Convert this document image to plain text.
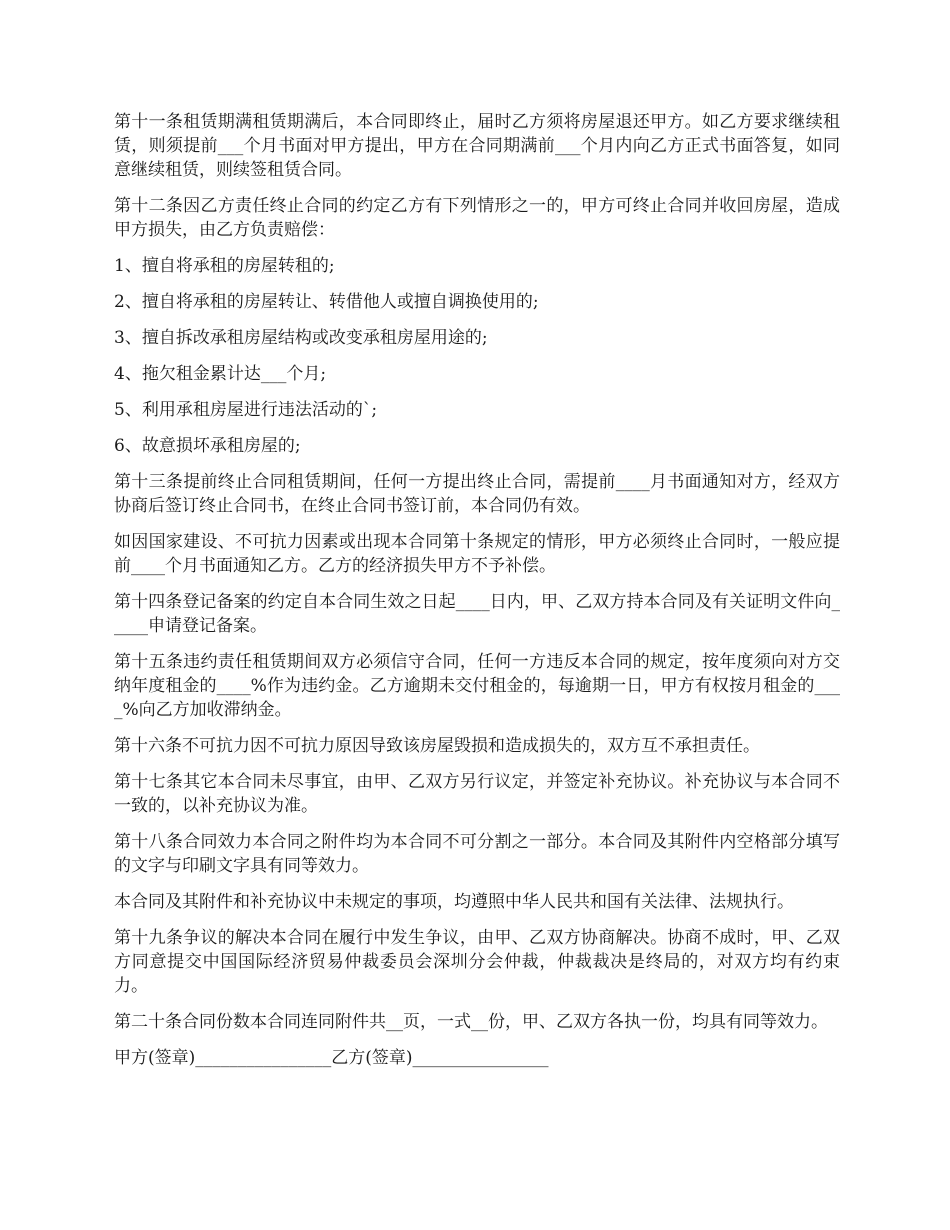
第十一条租赁期满租赁期满后，本合同即终止，届时乙方须将房屋退还甲方。如乙方要求继续租赁，则须提前___个月书面对甲方提出，甲方在合同期满前___个月内向乙方正式书面答复，如同意继续租赁，则续签租赁合同。

第十二条因乙方责任终止合同的约定乙方有下列情形之一的，甲方可终止合同并收回房屋，造成甲方损失，由乙方负责赔偿：

1、擅自将承租的房屋转租的;

2、擅自将承租的房屋转让、转借他人或擅自调换使用的;

3、擅自拆改承租房屋结构或改变承租房屋用途的;

4、拖欠租金累计达___个月;

5、利用承租房屋进行违法活动的`;

6、故意损坏承租房屋的;

第十三条提前终止合同租赁期间，任何一方提出终止合同，需提前____月书面通知对方，经双方协商后签订终止合同书，在终止合同书签订前，本合同仍有效。

如因国家建设、不可抗力因素或出现本合同第十条规定的情形，甲方必须终止合同时，一般应提前____个月书面通知乙方。乙方的经济损失甲方不予补偿。

第十四条登记备案的约定自本合同生效之日起____日内，甲、乙双方持本合同及有关证明文件向_____申请登记备案。

第十五条违约责任租赁期间双方必须信守合同，任何一方违反本合同的规定，按年度须向对方交纳年度租金的____%作为违约金。乙方逾期未交付租金的，每逾期一日，甲方有权按月租金的____%向乙方加收滞纳金。

第十六条不可抗力因不可抗力原因导致该房屋毁损和造成损失的，双方互不承担责任。

第十七条其它本合同未尽事宜，由甲、乙双方另行议定，并签定补充协议。补充协议与本合同不一致的，以补充协议为准。

第十八条合同效力本合同之附件均为本合同不可分割之一部分。本合同及其附件内空格部分填写的文字与印刷文字具有同等效力。

本合同及其附件和补充协议中未规定的事项，均遵照中华人民共和国有关法律、法规执行。

第十九条争议的解决本合同在履行中发生争议，由甲、乙双方协商解决。协商不成时，甲、乙双方同意提交中国国际经济贸易仲裁委员会深圳分会仲裁，仲裁裁决是终局的，对双方均有约束力。

第二十条合同份数本合同连同附件共__页，一式__份，甲、乙双方各执一份，均具有同等效力。

甲方(签章)________________乙方(签章)________________
